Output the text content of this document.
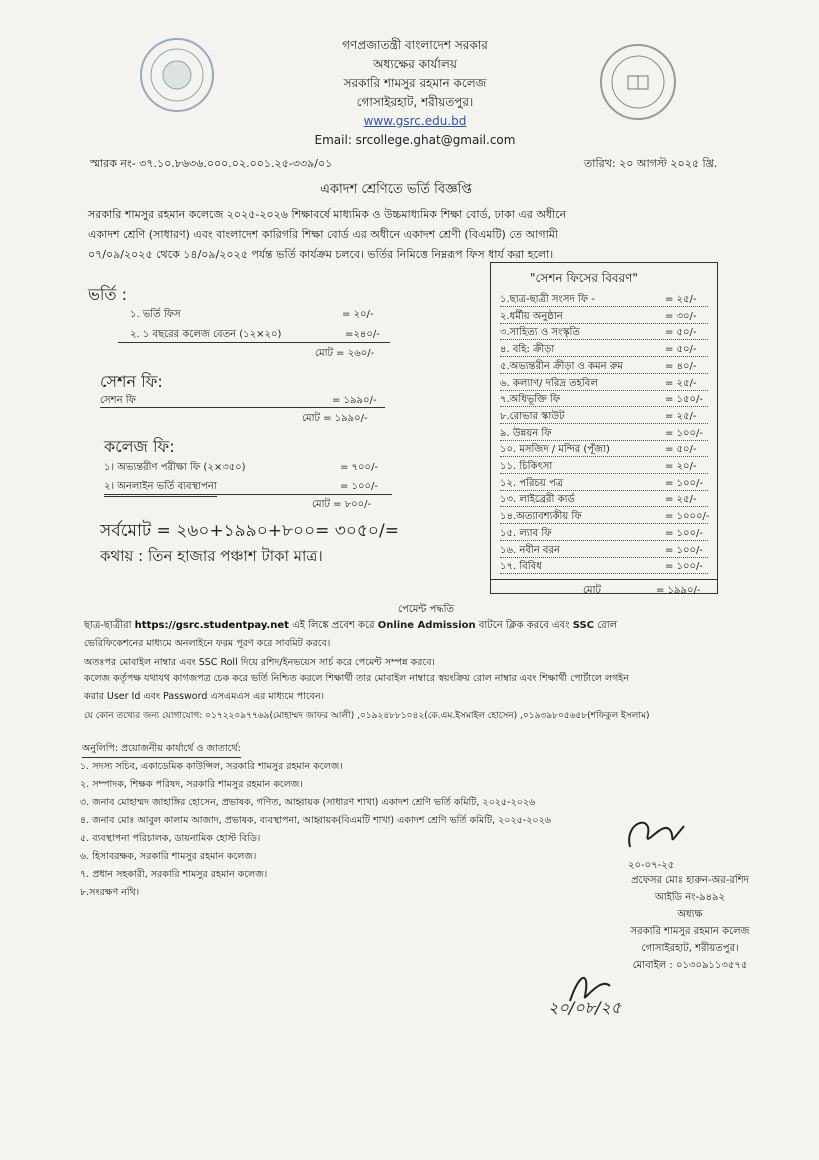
গণপ্রজাতন্ত্রী বাংলাদেশ সরকার
অধ্যক্ষের কার্যালয়
সরকারি শামসুর রহমান কলেজ
গোসাইরহাট, শরীয়তপুর।
www.gsrc.edu.bd
Email: srcollege.ghat@gmail.com
স্মারক নং- ৩৭.১০.৮৬৩৬.০০০.০২.০০১.২৫-৩৩৯/০১	তারিখ: ২০ আগস্ট ২০২৫ খ্রি.
একাদশ শ্রেণিতে ভর্তি বিজ্ঞপ্তি
সরকারি শামসুর রহমান কলেজে ২০২৫-২০২৬ শিক্ষাবর্ষে মাধ্যমিক ও উচ্চমাধ্যমিক শিক্ষা বোর্ড, ঢাকা এর অধীনে
একাদশ শ্রেণি (সাধারণ) এবং বাংলাদেশ কারিগরি শিক্ষা বোর্ড এর অধীনে একাদশ শ্রেণী (বিএমটি) তে আগামী
০৭/০৯/২০২৫ থেকে ১৪/০৯/২০২৫ পর্যন্ত ভর্তি কার্যক্রম চলবে। ভর্তির নিমিত্তে নিম্নরূপ ফিস ধার্য করা হলো।
ভর্তি :
১. ভর্তি ফিস	= ২০/-
২. ১ বছরের কলেজ বেতন (১২×২০)	=২৪০/-
মোট = ২৬০/-
সেশন ফি:
সেশন ফি	= ১৯৯০/-
মোট = ১৯৯০/-
কলেজ ফি:
১। অভ্যন্তরীণ পরীক্ষা ফি (২×৩৫০)	= ৭০০/-
২। অনলাইন ভর্তি ব্যবস্থাপনা	= ১০০/-
মোট = ৮০০/-
সর্বমোট = ২৬০+১৯৯০+৮০০= ৩০৫০/=
কথায় : তিন হাজার পঞ্চাশ টাকা মাত্র।
"সেশন ফিসের বিবরণ"
১.ছাত্র-ছাত্রী সংসদ ফি -	= ২৫/-
২.ধর্মীয় অনুষ্ঠান	= ৩০/-
৩.সাহিত্য ও সংস্কৃতি	= ৫০/-
৪. বহি: ক্রীড়া	= ৫০/-
৫.অভ্যন্তরীন ক্রীড়া ও কমন রুম	= ৪০/-
৬. কল্যাণ/ দরিদ্র তহবিল	= ২৫/-
৭.অধিভূক্তি ফি	= ১৫০/-
৮.রোভার স্কাউট	= ২৫/-
৯. উন্নয়ন ফি	= ১০০/-
১০. মসজিদ / মন্দির (পূঁজা)	= ৫০/-
১১. চিকিৎসা	= ২০/-
১২. পরিচয় পত্র	= ১০০/-
১৩. লাইব্রেরী কার্ড	= ২৫/-
১৪.অত্যাবশ্যকীয় ফি	= ১০০০/-
১৫. ল্যাব ফি	= ১০০/-
১৬. নবীন বরন	= ১০০/-
১৭. বিবিধ	= ১০০/-
মোট	= ১৯৯০/-
পেমেন্ট পদ্ধতি
ছাত্র-ছাত্রীরা https://gsrc.studentpay.net এই লিঙ্কে প্রবেশ করে Online Admission বাটনে ক্লিক করবে এবং SSC রোল
ভেরিফিকেশনের মাধ্যমে অনলাইনে ফরম পূরণ করে সাবমিট করবে।
অতঃপর মোবাইল নাম্বার এবং SSC Roll দিয়ে রশিদ/ইনভয়েস সার্চ করে পেমেন্ট সম্পন্ন করবে।
কলেজ কর্তৃপক্ষ যথাযথ কাগজপত্র চেক করে ভর্তি নিশ্চিত করলে শিক্ষার্থী তার মোবাইল নাম্বারে স্বয়ংক্রিয় রোল নাম্বার এবং শিক্ষার্থী পোর্টালে লগইন
করার User Id এবং Password এসএমএস এর মাধ্যমে পাবেন।
যে কোন তথ্যের জন্য যোগাযোগ: ০১৭২২০৯৭৭৬৯(মোহাম্মদ জাফর আলী) ,০১৯২৪৮৮১০৪২(কে.এম.ইসমাইল হোসেন) ,০১৯৩৯৮০৫৬৫৮(শফিকুল ইসলাম)
অনুলিপি: প্রয়োজনীয় কার্যার্থে ও জাতার্থে:
১. সদস্য সচিব, একাডেমিক কাউন্সিল, সরকারি শামসুর রহমান কলেজ।
২. সম্পাদক, শিক্ষক পরিষদ, সরকারি শামসুর রহমান কলেজ।
৩. জনাব মোহাম্মদ জাহাঙ্গির হোসেন, প্রভাষক, গণিত, আহ্বায়ক (সাধারণ শাখা) একাদশ শ্রেণি ভর্তি কমিটি, ২০২৫-২০২৬
৪. জনাব মোঃ আবুল কালাম আজাদ, প্রভাষক, ব্যবস্থাপনা, আহ্বায়ক(বিএমটি শাখা) একাদশ শ্রেণি ভর্তি কমিটি, ২০২৫-২০২৬
৫. ব্যবস্থাপনা পরিচালক, ডায়নামিক হোস্ট বিডি।
৬. হিসাবরক্ষক, সরকারি শামসুর রহমান কলেজ।
৭. প্রধান সহকারী, সরকারি শামসুর রহমান কলেজ।
৮.সংরক্ষণ নথি।
২০-০৭-২৫
প্রফেসর মোঃ হারুন-অর-রশিদ
আইডি নং-৯৪৯২
অধ্যক্ষ
সরকারি শামসুর রহমান কলেজ
গোসাইরহাট, শরীয়তপুর।
মোবাইল : ০১৩০৯১১৩৫৭৫
২০/০৮/২৫
